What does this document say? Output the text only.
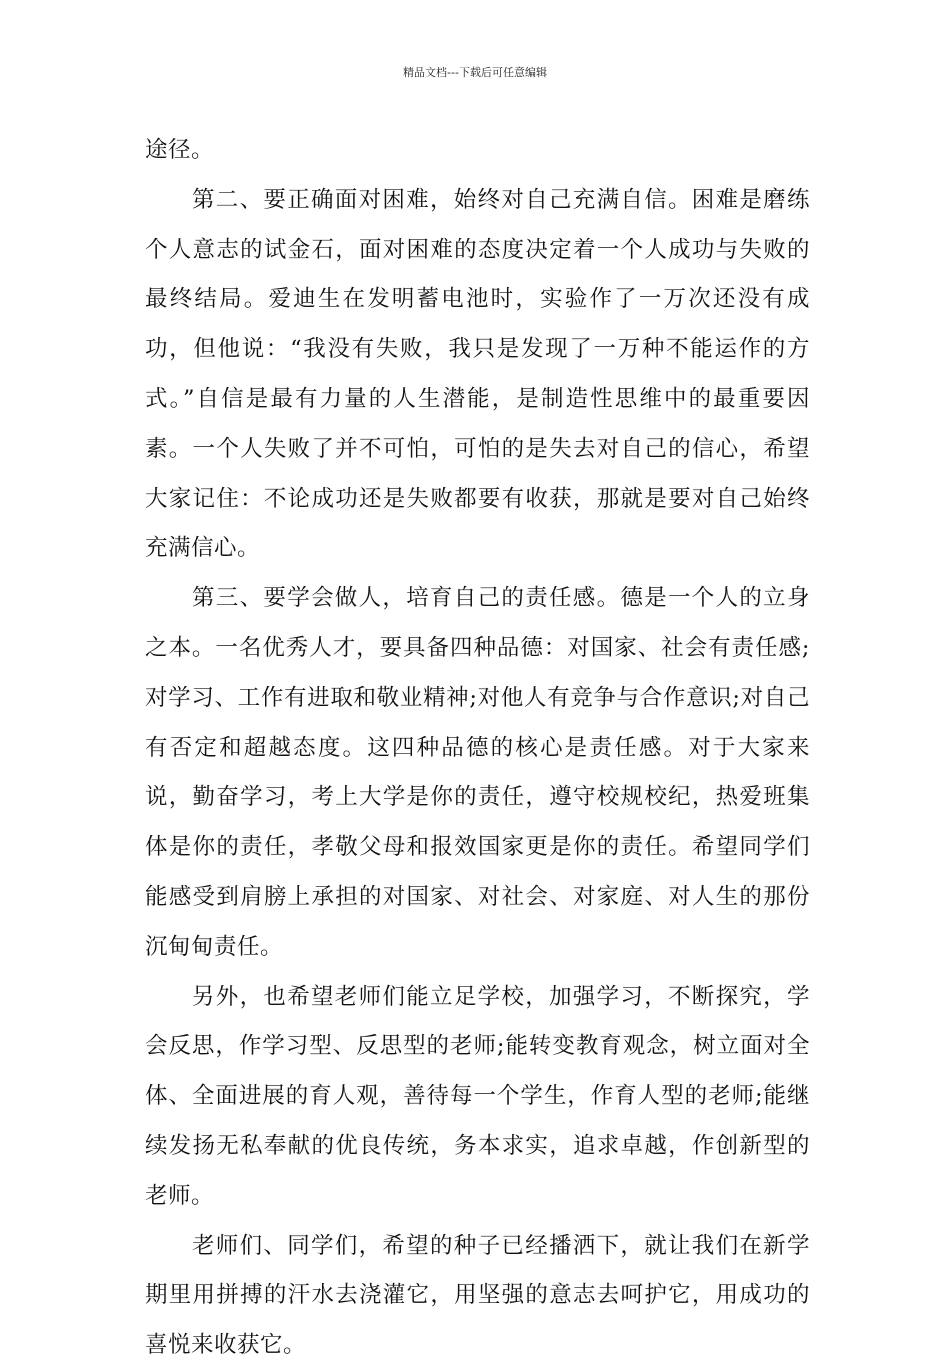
精品文档---下载后可任意编辑

途径。

第二、要正确面对困难，始终对自己充满自信。困难是磨练个人意志的试金石，面对困难的态度决定着一个人成功与失败的最终结局。爱迪生在发明蓄电池时，实验作了一万次还没有成功，但他说：“我没有失败，我只是发现了一万种不能运作的方式。”自信是最有力量的人生潜能，是制造性思维中的最重要因素。一个人失败了并不可怕，可怕的是失去对自己的信心，希望大家记住：不论成功还是失败都要有收获，那就是要对自己始终充满信心。

第三、要学会做人，培育自己的责任感。德是一个人的立身之本。一名优秀人才，要具备四种品德：对国家、社会有责任感;对学习、工作有进取和敬业精神;对他人有竞争与合作意识;对自己有否定和超越态度。这四种品德的核心是责任感。对于大家来说，勤奋学习，考上大学是你的责任，遵守校规校纪，热爱班集体是你的责任，孝敬父母和报效国家更是你的责任。希望同学们能感受到肩膀上承担的对国家、对社会、对家庭、对人生的那份沉甸甸责任。

另外，也希望老师们能立足学校，加强学习，不断探究，学会反思，作学习型、反思型的老师;能转变教育观念，树立面对全体、全面进展的育人观，善待每一个学生，作育人型的老师;能继续发扬无私奉献的优良传统，务本求实，追求卓越，作创新型的老师。

老师们、同学们，希望的种子已经播洒下，就让我们在新学期里用拼搏的汗水去浇灌它，用坚强的意志去呵护它，用成功的喜悦来收获它。
